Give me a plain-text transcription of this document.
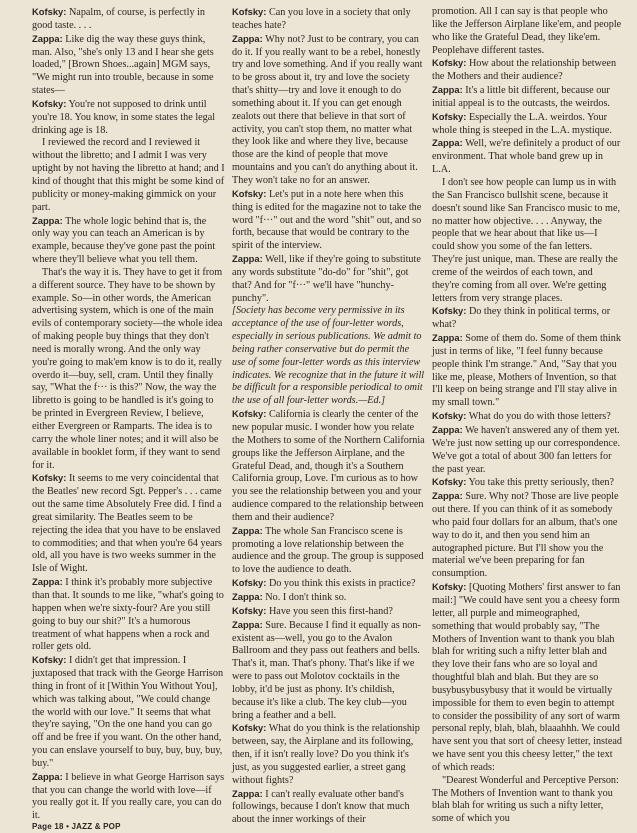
Kofsky: Napalm, of course, is perfectly in good taste. . . .

Zappa: Like dig the way these guys think, man. Also, "she's only 13 and I hear she gets loaded," [Brown Shoes...again] MGM says, "We might run into trouble, because in some states—

Kofsky: You're not supposed to drink until you're 18. You know, in some states the legal drinking age is 18.

I reviewed the record and I reviewed it without the libretto; and I admit I was very uptight by not having the libretto at hand; and I kind of thought that this might be some kind of publicity or money-making gimmick on your part.

Zappa: The whole logic behind that is, the only way you can teach an American is by example, because they've gone past the point where they'll believe what you tell them.

That's the way it is. They have to get it from a different source. They have to be shown by example. So—in other words, the American advertising system, which is one of the main evils of contemporary society—the whole idea of making people buy things that they don't need is morally wrong. And the only way you're going to mak'em know is to do it, really overdo it—buy, sell, cram. Until they finally say, "What the f··· is this?" Now, the way the libretto is going to be handled is it's going to be printed in Evergreen Review, I believe, either Evergreen or Ramparts. The idea is to carry the whole liner notes; and it will also be available in booklet form, if they want to send for it.

Kofsky: It seems to me very coincidental that the Beatles' new record Sgt. Pepper's . . . came out the same time Absolutely Free did. I find a great similarity. The Beatles seem to be rejecting the idea that you have to be enslaved to commodities; and that when you're 64 years old, all you have is two weeks summer in the Isle of Wight.

Zappa: I think it's probably more subjective than that. It sounds to me like, "what's going to happen when we're sixty-four? Are you still going to buy our shit?" It's a humorous treatment of what happens when a rock and roller gets old.

Kofsky: I didn't get that impression. I juxtaposed that track with the George Harrison thing in front of it [Within You Without You], which was talking about, "We could change the world with our love." It seems that what they're saying, "On the one hand you can go off and be free if you want. On the other hand, you can enslave yourself to buy, buy, buy, buy, buy."

Zappa: I believe in what George Harrison says that you can change the world with love—if you really got it. If you really care, you can do it.

Kofsky: Can you love in a society that only teaches hate?

Zappa: Why not? Just to be contrary, you can do it. If you really want to be a rebel, honestly try and love something. And if you really want to be gross about it, try and love the society that's shitty—try and love it enough to do something about it. If you can get enough zealots out there that believe in that sort of activity, you can't stop them, no matter what they look like and where they live, because those are the kind of people that move mountains and you can't do anything about it. They won't take no for an answer.

Kofsky: Let's put in a note here when this thing is edited for the magazine not to take the word "f···" out and the word "shit" out, and so forth, because that would be contrary to the spirit of the interview.

Zappa: Well, like if they're going to substitute any words substitute "do-do" for "shit", got that? And for "f···" we'll have "hunchy-punchy".

[Society has become very permissive in its acceptance of the use of four-letter words, especially in serious publications. We admit to being rather conservative but do permit the use of some four-letter words as this interview indicates. We recognize that in the future it will be difficult for a responsible periodical to omit the use of all four-letter words.—Ed.]

Kofsky: California is clearly the center of the new popular music. I wonder how you relate the Mothers to some of the Northern California groups like the Jefferson Airplane, and the Grateful Dead, and, though it's a Southern California group, Love. I'm curious as to how you see the relationship between you and your audience compared to the relationship between them and their audience?

Zappa: The whole San Francisco scene is promoting a love relationship between the audience and the group. The group is supposed to love the audience to death.

Kofsky: Do you think this exists in practice?

Zappa: No. I don't think so.

Kofsky: Have you seen this first-hand?

Zappa: Sure. Because I find it equally as non-existent as—well, you go to the Avalon Ballroom and they pass out feathers and bells. That's it, man. That's phony. That's like if we were to pass out Molotov cocktails in the lobby, it'd be just as phony. It's childish, because it's like a club. The key club—you bring a feather and a bell.

Kofsky: What do you think is the relationship between, say, the Airplane and its following, then, if it isn't really love? Do you think it's just, as you suggested earlier, a street gang without fights?

Zappa: I can't really evaluate other band's followings, because I don't know that much about the inner workings of their

promotion. All I can say is that people who like the Jefferson Airplane like'em, and people who like the Grateful Dead, they like'em. Peoplehave different tastes.

Kofsky: How about the relationship between the Mothers and their audience?

Zappa: It's a little bit different, because our initial appeal is to the outcasts, the weirdos.

Kofsky: Especially the L.A. weirdos. Your whole thing is steeped in the L.A. mystique.

Zappa: Well, we're definitely a product of our environment. That whole band grew up in L.A.

I don't see how people can lump us in with the San Francisco bullshit scene, because it doesn't sound like San Francisco music to me, no matter how objective. . . . Anyway, the people that we hear about that like us—I could show you some of the fan letters. They're just unique, man. These are really the creme of the weirdos of each town, and they're coming from all over. We're getting letters from very strange places.

Kofsky: Do they think in political terms, or what?

Zappa: Some of them do. Some of them think just in terms of like, "I feel funny because people think I'm strange." And, "Say that you like me, please, Mothers of Invention, so that I'll keep on being strange and I'll stay alive in my small town."

Kofsky: What do you do with those letters?

Zappa: We haven't answered any of them yet. We're just now setting up our correspondence. We've got a total of about 300 fan letters for the past year.

Kofsky: You take this pretty seriously, then?

Zappa: Sure. Why not? Those are live people out there. If you can think of it as somebody who paid four dollars for an album, that's one way to do it, and then you send him an autographed picture. But I'll show you the material we've been preparing for fan consumption.

Kofsky: [Quoting Mothers' first answer to fan mail:] "We could have sent you a cheesy form letter, all purple and mimeographed, something that would probably say, "The Mothers of Invention want to thank you blah blah for writing such a nifty letter blah and they love their fans who are so loyal and thoughtful blah and blah. But they are so busybusybusybusy that it would be virtually impossible for them to even begin to attempt to consider the possibility of any sort of warm personal reply, blah, blah, blaaahhh. We could have sent you that sort of cheesy letter, instead we have sent you this cheesy letter," the text of which reads:

"Dearest Wonderful and Perceptive Person: The Mothers of Invention want to thank you blah blah for writing us such a nifty letter, some of which you

Page 18 • JAZZ & POP
